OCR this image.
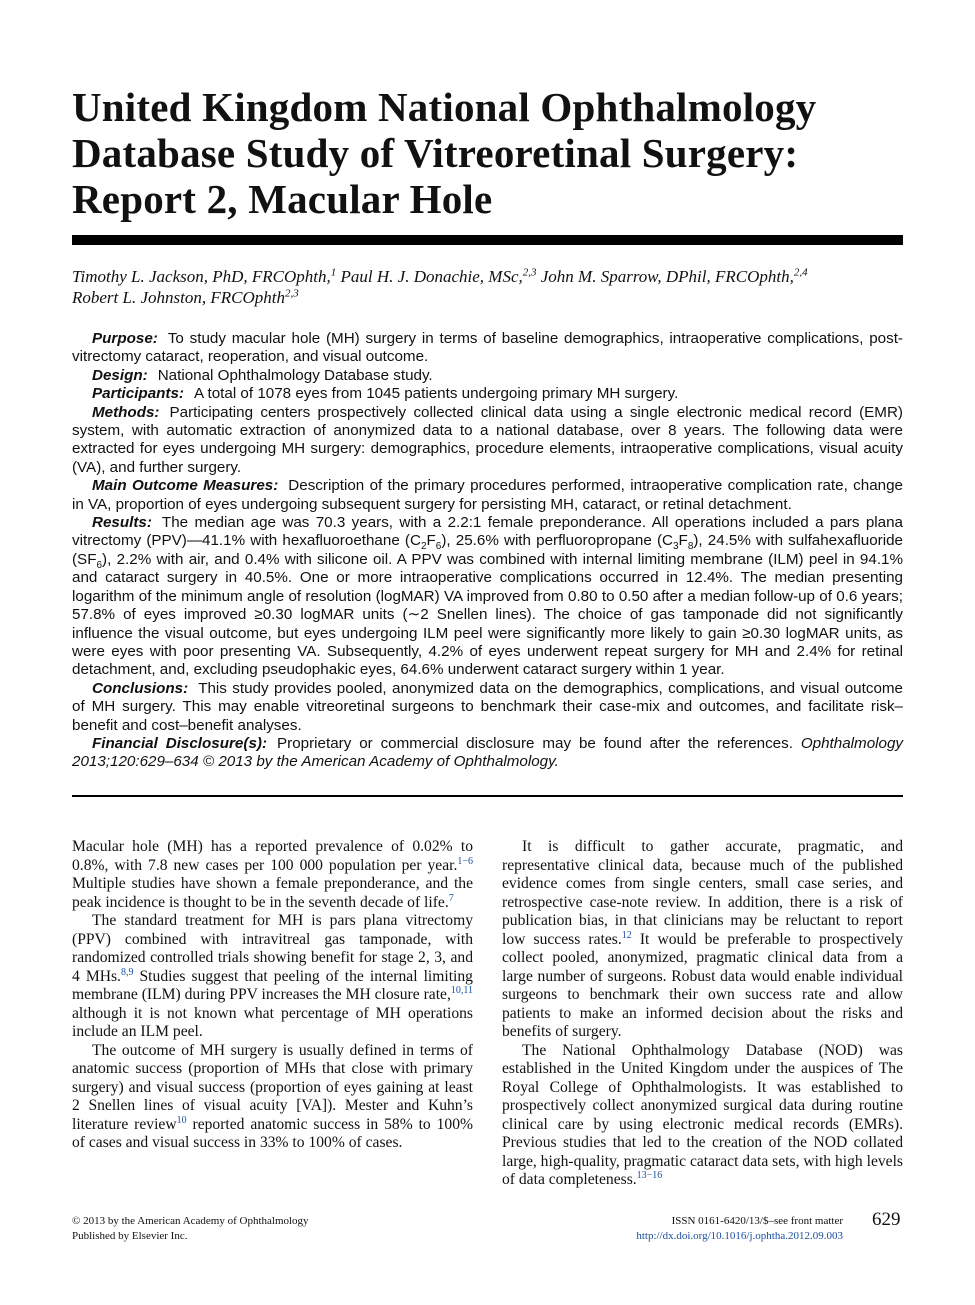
United Kingdom National Ophthalmology
Database Study of Vitreoretinal Surgery:
Report 2, Macular Hole
Timothy L. Jackson, PhD, FRCOphth,$^1$ Paul H. J. Donachie, MSc,$^{2,3}$ John M. Sparrow, DPhil, FRCOphth,$^{2,4}$
Robert L. Johnston, FRCOphth$^{2,3}$

Purpose: To study macular hole (MH) surgery in terms of baseline demographics, intraoperative complications, post-vitrectomy cataract, reoperation, and visual outcome.

Design: National Ophthalmology Database study.

Participants: A total of 1078 eyes from 1045 patients undergoing primary MH surgery.

Methods: Participating centers prospectively collected clinical data using a single electronic medical record (EMR) system, with automatic extraction of anonymized data to a national database, over 8 years. The following data were extracted for eyes undergoing MH surgery: demographics, procedure elements, intraoperative complications, visual acuity (VA), and further surgery.

Main Outcome Measures: Description of the primary procedures performed, intraoperative complication rate, change in VA, proportion of eyes undergoing subsequent surgery for persisting MH, cataract, or retinal detachment.

Results: The median age was 70.3 years, with a 2.2:1 female preponderance. All operations included a pars plana vitrectomy (PPV)—41.1% with hexafluoroethane $(C_2F_6)$, 25.6% with perfluoropropane $(C_3F_8)$, 24.5% with sulfahexafluoride $(SF_6)$, 2.2% with air, and 0.4% with silicone oil. A PPV was combined with internal limiting membrane (ILM) peel in 94.1% and cataract surgery in 40.5%. One or more intraoperative complications occurred in 12.4%. The median presenting logarithm of the minimum angle of resolution (logMAR) VA improved from 0.80 to 0.50 after a median follow-up of 0.6 years; 57.8% of eyes improved ≥0.30 logMAR units (∼2 Snellen lines). The choice of gas tamponade did not significantly influence the visual outcome, but eyes undergoing ILM peel were significantly more likely to gain ≥0.30 logMAR units, as were eyes with poor presenting VA. Subsequently, 4.2% of eyes underwent repeat surgery for MH and 2.4% for retinal detachment, and, excluding pseudophakic eyes, 64.6% underwent cataract surgery within 1 year.

Conclusions: This study provides pooled, anonymized data on the demographics, complications, and visual outcome of MH surgery. This may enable vitreoretinal surgeons to benchmark their case-mix and outcomes, and facilitate risk–benefit and cost–benefit analyses.

Financial Disclosure(s): Proprietary or commercial disclosure may be found after the references. Ophthalmology 2013;120:629–634 © 2013 by the American Academy of Ophthalmology.

Macular hole (MH) has a reported prevalence of 0.02% to 0.8%, with 7.8 new cases per 100 000 population per year.$^{1-6}$ Multiple studies have shown a female preponderance, and the peak incidence is thought to be in the seventh decade of life.$^7$

The standard treatment for MH is pars plana vitrectomy (PPV) combined with intravitreal gas tamponade, with randomized controlled trials showing benefit for stage 2, 3, and 4 MHs.$^{8,9}$ Studies suggest that peeling of the internal limiting membrane (ILM) during PPV increases the MH closure rate,$^{10,11}$ although it is not known what percentage of MH operations include an ILM peel.

The outcome of MH surgery is usually defined in terms of anatomic success (proportion of MHs that close with primary surgery) and visual success (proportion of eyes gaining at least 2 Snellen lines of visual acuity [VA]). Mester and Kuhn’s literature review$^{10}$ reported anatomic success in 58% to 100% of cases and visual success in 33% to 100% of cases.

It is difficult to gather accurate, pragmatic, and representative clinical data, because much of the published evidence comes from single centers, small case series, and retrospective case-note review. In addition, there is a risk of publication bias, in that clinicians may be reluctant to report low success rates.$^{12}$ It would be preferable to prospectively collect pooled, anonymized, pragmatic clinical data from a large number of surgeons. Robust data would enable individual surgeons to benchmark their own success rate and allow patients to make an informed decision about the risks and benefits of surgery.

The National Ophthalmology Database (NOD) was established in the United Kingdom under the auspices of The Royal College of Ophthalmologists. It was established to prospectively collect anonymized surgical data during routine clinical care by using electronic medical records (EMRs). Previous studies that led to the creation of the NOD collated large, high-quality, pragmatic cataract data sets, with high levels of data completeness.$^{13-16}$

© 2013 by the American Academy of Ophthalmology
Published by Elsevier Inc.
ISSN 0161-6420/13/$–see front matter
http://dx.doi.org/10.1016/j.ophtha.2012.09.003
629
